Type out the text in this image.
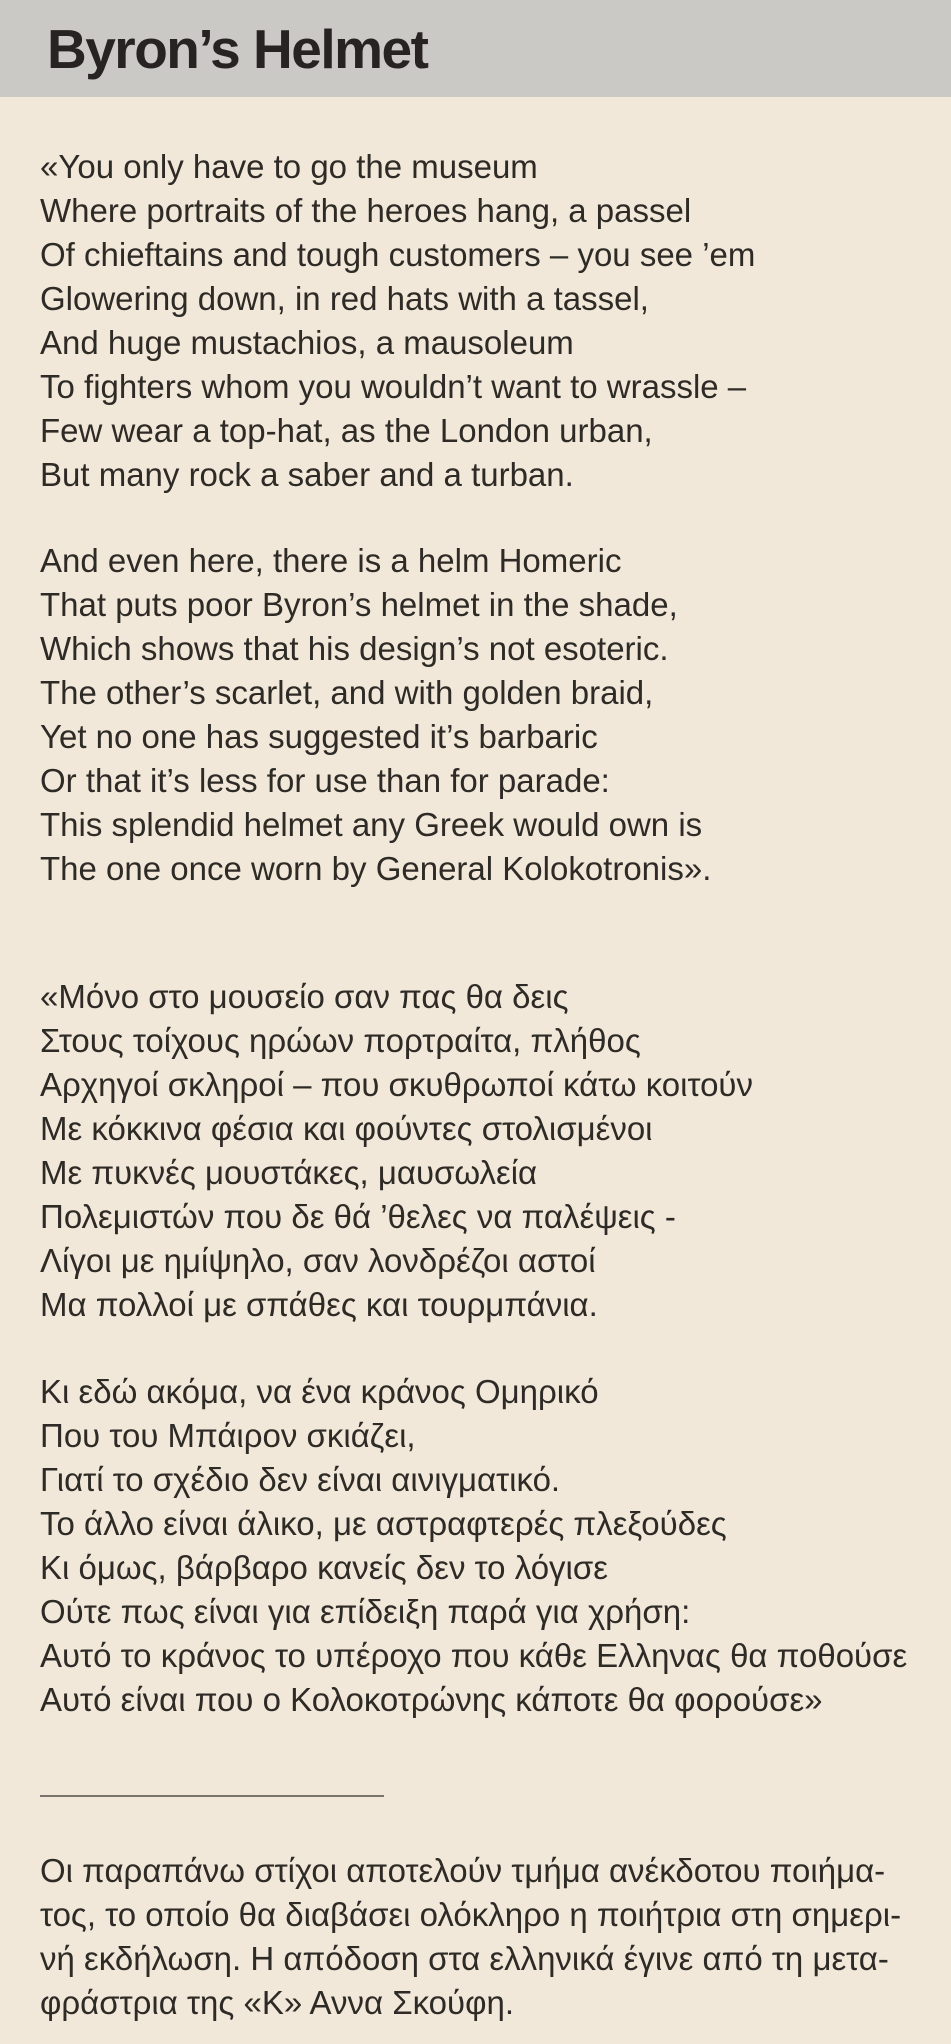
Byron’s Helmet
«You only have to go the museum
Where portraits of the heroes hang, a passel
Of chieftains and tough customers – you see ’em
Glowering down, in red hats with a tassel,
And huge mustachios, a mausoleum
To fighters whom you wouldn’t want to wrassle –
Few wear a top-hat, as the London urban,
But many rock a saber and a turban.
And even here, there is a helm Homeric
That puts poor Byron’s helmet in the shade,
Which shows that his design’s not esoteric.
The other’s scarlet, and with golden braid,
Yet no one has suggested it’s barbaric
Or that it’s less for use than for parade:
This splendid helmet any Greek would own is
The one once worn by General Kolokotronis».
«Μόνο στο μουσείο σαν πας θα δεις
Στους τοίχους ηρώων πορτραίτα, πλήθος
Αρχηγοί σκληροί – που σκυθρωποί κάτω κοιτούν
Με κόκκινα φέσια και φούντες στολισμένοι
Με πυκνές μουστάκες, μαυσωλεία
Πολεμιστών που δε θά ’θελες να παλέψεις -
Λίγοι με ημίψηλο, σαν λονδρέζοι αστοί
Μα πολλοί με σπάθες και τουρμπάνια.
Κι εδώ ακόμα, να ένα κράνος Ομηρικό
Που του Μπάιρον σκιάζει,
Γιατί το σχέδιο δεν είναι αινιγματικό.
Το άλλο είναι άλικο, με αστραφτερές πλεξούδες
Κι όμως, βάρβαρο κανείς δεν το λόγισε
Ούτε πως είναι για επίδειξη παρά για χρήση:
Αυτό το κράνος το υπέροχο που κάθε Ελληνας θα ποθούσε
Αυτό είναι που ο Κολοκοτρώνης κάποτε θα φορούσε»
Οι παραπάνω στίχοι αποτελούν τμήμα ανέκδοτου ποιήμα-
τος, το οποίο θα διαβάσει ολόκληρο η ποιήτρια στη σημερι-
νή εκδήλωση. Η απόδοση στα ελληνικά έγινε από τη μετα-
φράστρια της «Κ» Αννα Σκούφη.
